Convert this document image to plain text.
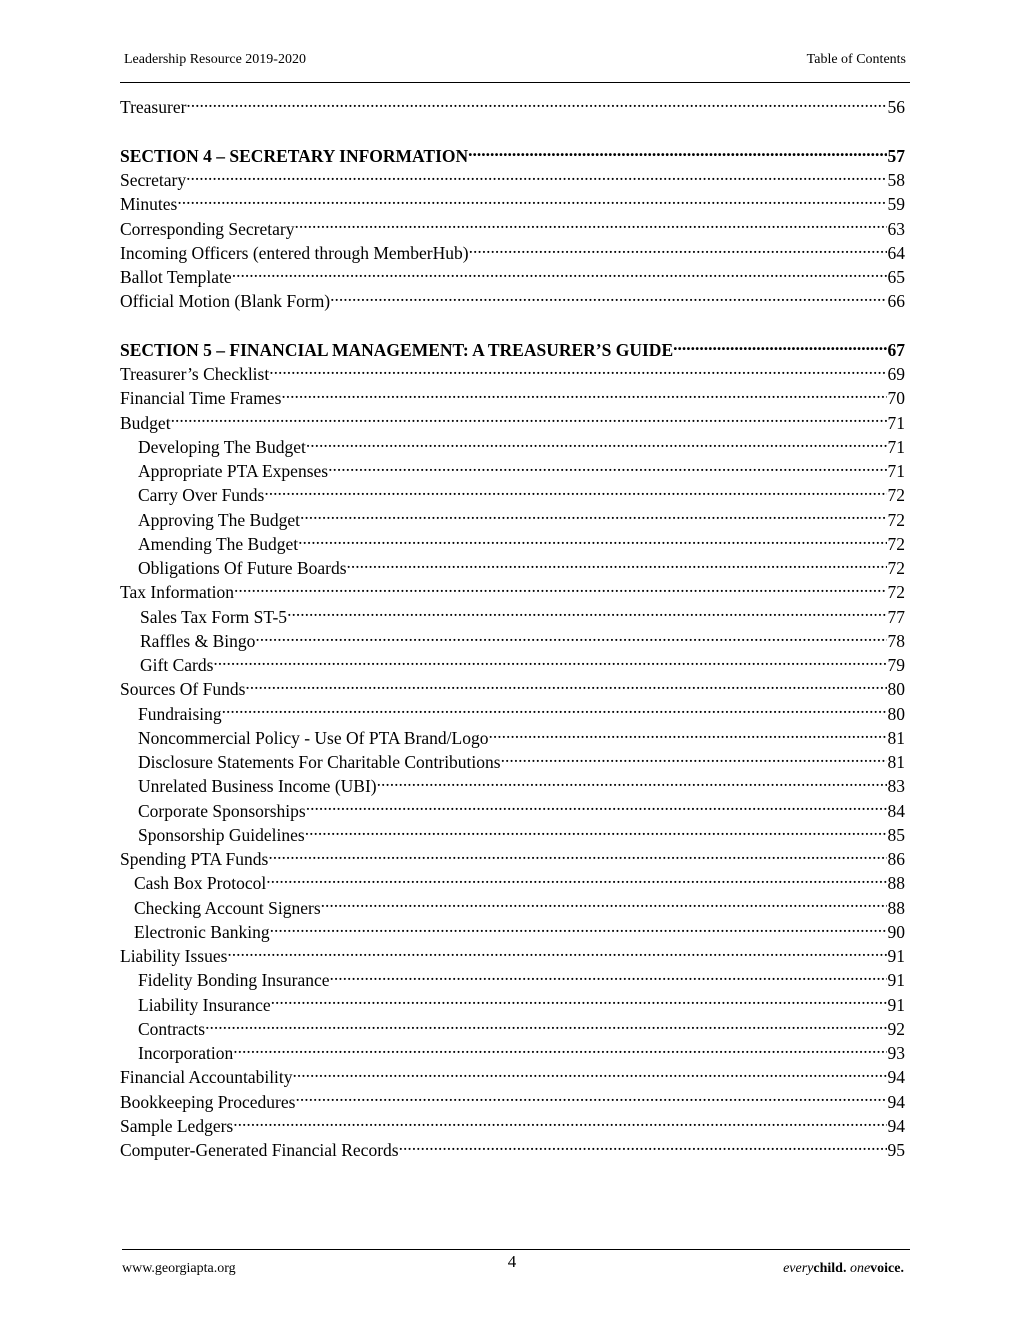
Leadership Resource 2019-2020	Table of Contents
Treasurer .....	56
SECTION 4 – SECRETARY INFORMATION .....	57
Secretary .....	58
Minutes .....	59
Corresponding Secretary .....	63
Incoming Officers (entered through MemberHub) .....	64
Ballot Template .....	65
Official Motion (Blank Form) .....	66
SECTION 5 – FINANCIAL MANAGEMENT: A TREASURER’S GUIDE .....	67
Treasurer’s Checklist .....	69
Financial Time Frames .....	70
Budget .....	71
Developing The Budget .....	71
Appropriate PTA Expenses .....	71
Carry Over Funds .....	72
Approving The Budget .....	72
Amending The Budget .....	72
Obligations Of Future Boards .....	72
Tax Information .....	72
Sales Tax Form ST-5 .....	77
Raffles & Bingo .....	78
Gift Cards .....	79
Sources Of Funds .....	80
Fundraising .....	80
Noncommercial Policy - Use Of PTA Brand/Logo .....	81
Disclosure Statements For Charitable Contributions .....	81
Unrelated Business Income (UBI) .....	83
Corporate Sponsorships .....	84
Sponsorship Guidelines .....	85
Spending PTA Funds .....	86
Cash Box Protocol .....	88
Checking Account Signers .....	88
Electronic Banking .....	90
Liability Issues .....	91
Fidelity Bonding Insurance .....	91
Liability Insurance .....	91
Contracts .....	92
Incorporation .....	93
Financial Accountability .....	94
Bookkeeping Procedures .....	94
Sample Ledgers .....	94
Computer-Generated Financial Records .....	95
www.georgiapta.org	4	everychild. onevoice.
